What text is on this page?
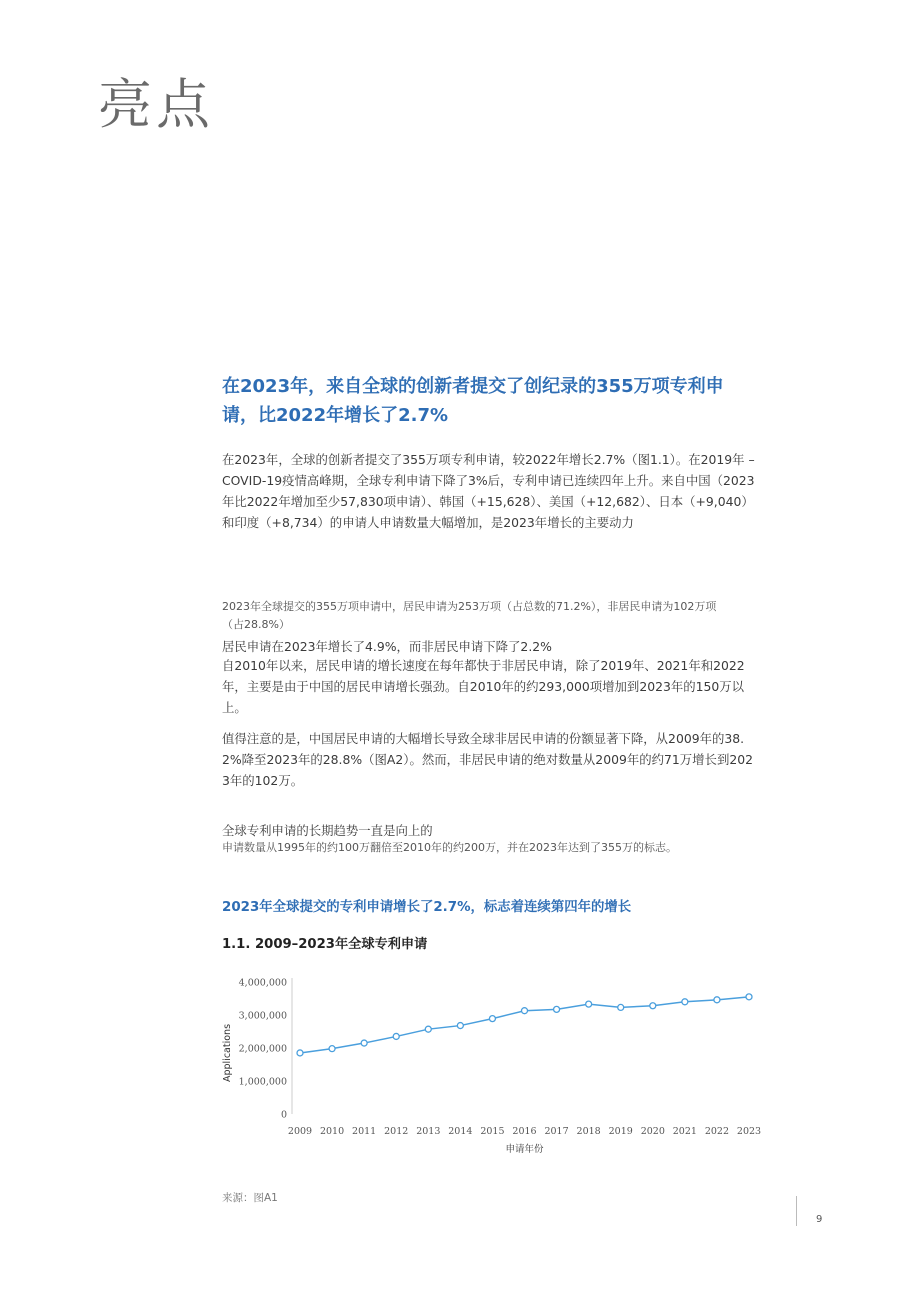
亮点
在2023年，来自全球的创新者提交了创纪录的355万项专利申请，比2022年增长了2.7%
在2023年，全球的创新者提交了355万项专利申请，较2022年增长2.7%（图1.1）。在2019年 – COVID-19疫情高峰期，全球专利申请下降了3%后，专利申请已连续四年上升。来自中国（2023年比2022年增加至少57,830项申请）、韩国（+15,628）、美国（+12,682）、日本（+9,040）和印度（+8,734）的申请人申请数量大幅增加，是2023年增长的主要动力
2023年全球提交的355万项申请中，居民申请为253万项（占总数的71.2%），非居民申请为102万项（占28.8%）
居民申请在2023年增长了4.9%，而非居民申请下降了2.2%
自2010年以来，居民申请的增长速度在每年都快于非居民申请，除了2019年、2021年和2022年，主要是由于中国的居民申请增长强劲。自2010年的约293,000项增加到2023年的150万以上。
值得注意的是，中国居民申请的大幅增长导致全球非居民申请的份额显著下降，从2009年的38.2%降至2023年的28.8%（图A2）。然而，非居民申请的绝对数量从2009年的约71万增长到2023年的102万。
全球专利申请的长期趋势一直是向上的
申请数量从1995年的约100万翻倍至2010年的约200万，并在2023年达到了355万的标志。
2023年全球提交的专利申请增长了2.7%，标志着连续第四年的增长
1.1. 2009–2023年全球专利申请
0
1,000,000
2,000,000
3,000,000
4,000,000
2009 2010 2011 2012 2013 2014 2015 2016 2017 2018 2019 2020 2021 2022 2023
Applications
申请年份
来源：图A1
9
